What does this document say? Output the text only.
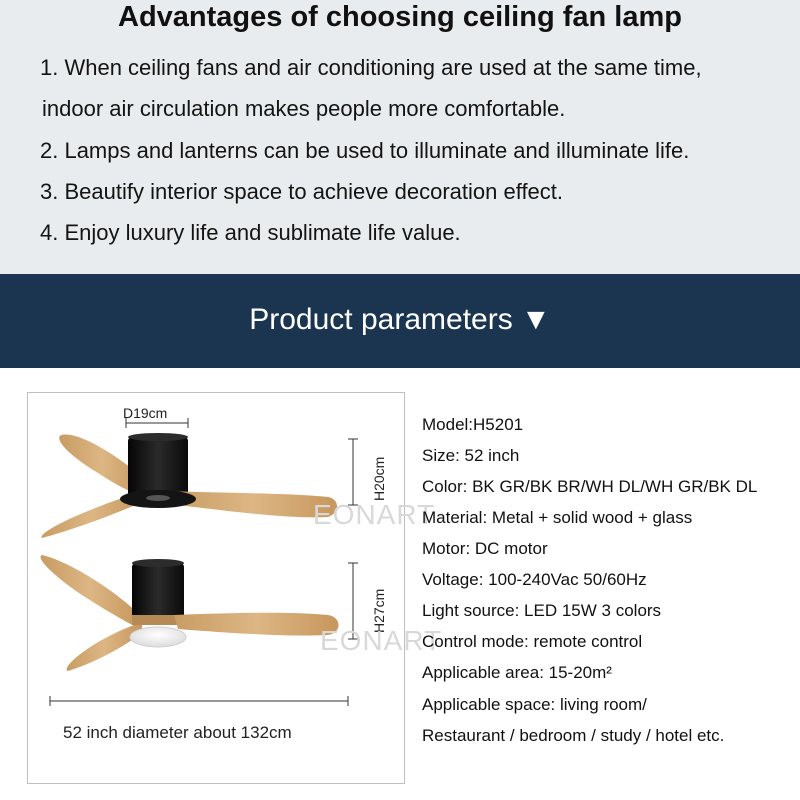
Advantages of choosing ceiling fan lamp
1. When ceiling fans and air conditioning are used at the same time,
indoor air circulation makes people more comfortable.
2. Lamps and lanterns can be used to illuminate and illuminate life.
3. Beautify interior space to achieve decoration effect.
4. Enjoy luxury life and sublimate life value.
Product parameters ▼
D19cm
H20cm
H27cm
EONART
EONART
52 inch diameter about 132cm
Model:H5201
Size: 52 inch
Color: BK GR/BK BR/WH DL/WH GR/BK DL
Material: Metal + solid wood + glass
Motor: DC motor
Voltage: 100-240Vac 50/60Hz
Light source: LED 15W 3 colors
Control mode: remote control
Applicable area: 15-20m²
Applicable space: living room/
Restaurant / bedroom / study / hotel etc.
